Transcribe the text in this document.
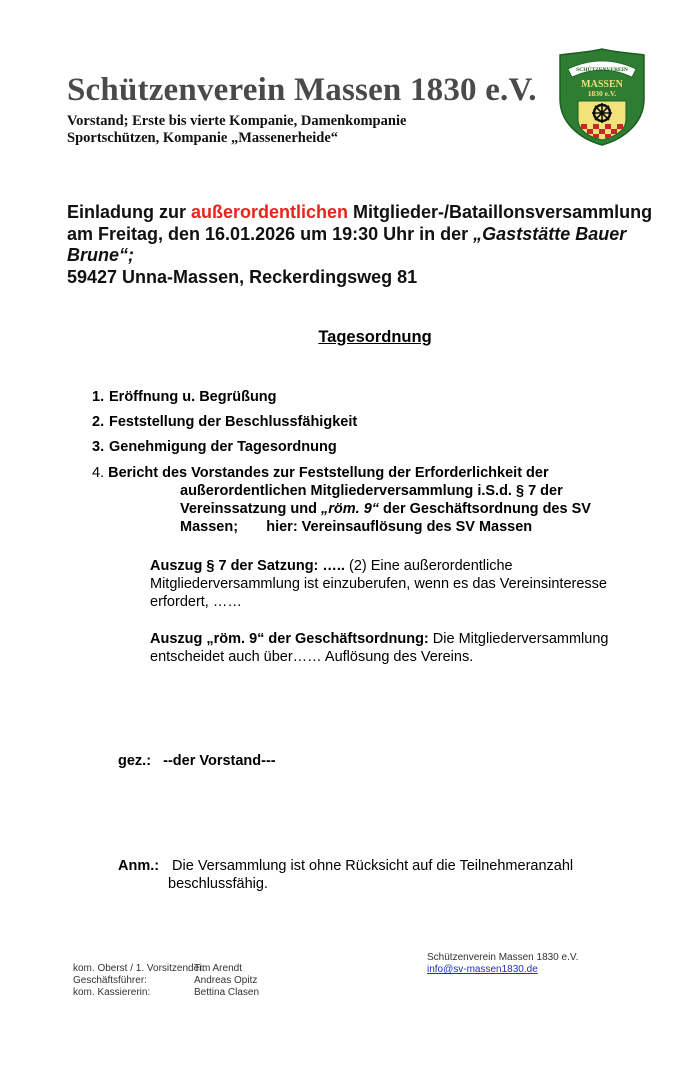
Schützenverein Massen 1830 e.V.
Vorstand; Erste bis vierte Kompanie, Damenkompanie
Sportschützen, Kompanie „Massenerheide“
SCHÜTZENVEREIN
MASSEN
1830 e.V.
Einladung zur außerordentlichen Mitglieder-/Bataillonsversammlung am Freitag, den 16.01.2026 um 19:30 Uhr in der „Gaststätte Bauer Brune“;
59427 Unna-Massen, Reckerdingsweg 81
Tagesordnung
1. Eröffnung u. Begrüßung
2. Feststellung der Beschlussfähigkeit
3. Genehmigung der Tagesordnung
4. Bericht des Vorstandes zur Feststellung der Erforderlichkeit der
außerordentlichen Mitgliederversammlung i.S.d. § 7 der
Vereinssatzung und „röm. 9“ der Geschäftsordnung des SV
Massen;       hier: Vereinsauflösung des SV Massen
Auszug § 7 der Satzung: ….. (2) Eine außerordentliche Mitgliederversammlung ist einzuberufen, wenn es das Vereinsinteresse erfordert, ……
Auszug „röm. 9“ der Geschäftsordnung: Die Mitgliederversammlung entscheidet auch über…… Auflösung des Vereins.
gez.:   --der Vorstand---
Anm.: Die Versammlung ist ohne Rücksicht auf die Teilnehmeranzahl
beschlussfähig.
kom. Oberst / 1. Vorsitzender:Tim Arendt
Geschäftsführer:	Andreas Opitz
kom. Kassiererin:	Bettina Clasen
Schützenverein Massen 1830 e.V.
info@sv-massen1830.de
